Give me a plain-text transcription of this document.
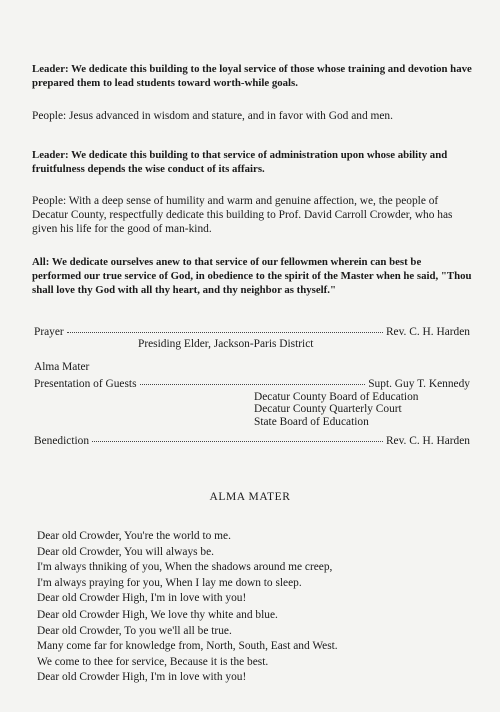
Leader: We dedicate this building to the loyal service of those whose training and devotion have prepared them to lead students toward worth-while goals.

People: Jesus advanced in wisdom and stature, and in favor with God and men.

Leader: We dedicate this building to that service of administration upon whose ability and fruitfulness depends the wise conduct of its affairs.

People: With a deep sense of humility and warm and genuine affection, we, the people of Decatur County, respectfully dedicate this building to Prof. David Carroll Crowder, who has given his life for the good of man-kind.

All: We dedicate ourselves anew to that service of our fellowmen wherein can best be performed our true service of God, in obedience to the spirit of the Master when he said, "Thou shall love thy God with all thy heart, and thy neighbor as thyself."

Prayer	Rev. C. H. Harden
Presiding Elder, Jackson-Paris District
Alma Mater
Presentation of Guests	Supt. Guy T. Kennedy
Decatur County Board of Education
Decatur County Quarterly Court
State Board of Education
Benediction	Rev. C. H. Harden
ALMA MATER
Dear old Crowder, You're the world to me.
Dear old Crowder, You will always be.
I'm always thniking of you, When the shadows around me creep,
I'm always praying for you, When I lay me down to sleep.
Dear old Crowder High, I'm in love with you!
Dear old Crowder High, We love thy white and blue.
Dear old Crowder, To you we'll all be true.
Many come far for knowledge from, North, South, East and West.
We come to thee for service, Because it is the best.
Dear old Crowder High, I'm in love with you!
